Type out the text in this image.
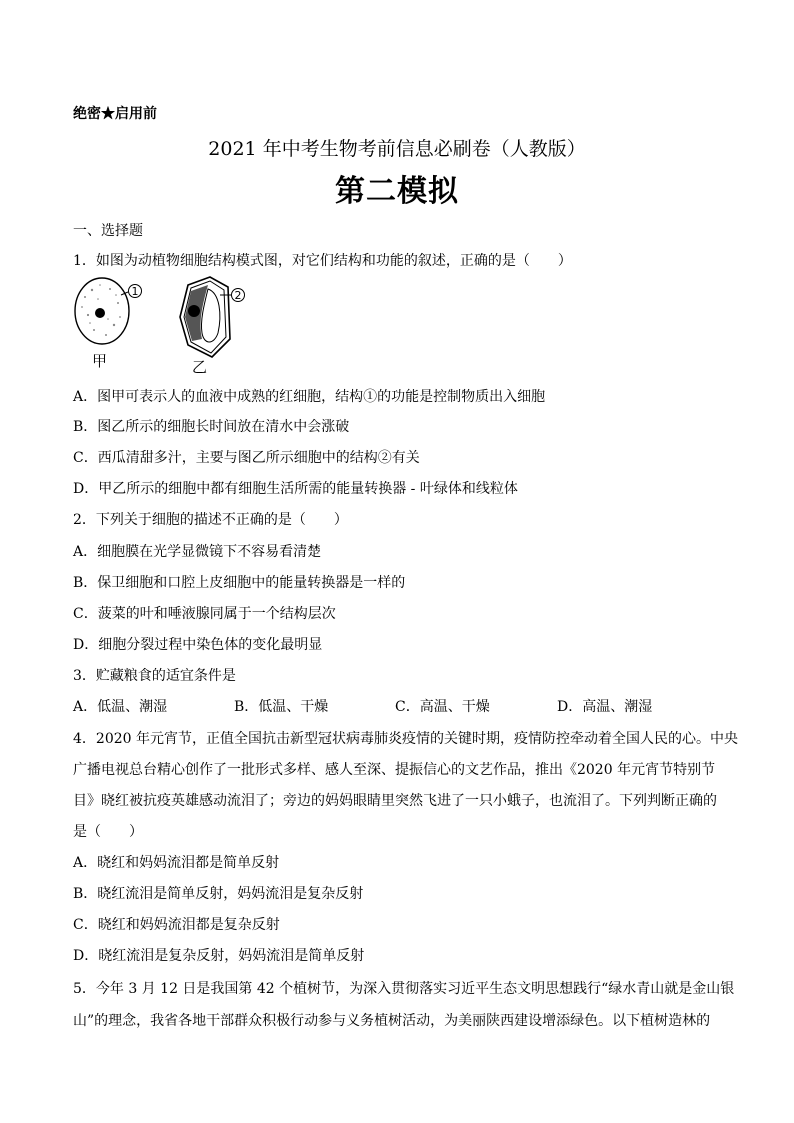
绝密★启用前
2021 年中考生物考前信息必刷卷（人教版）
第二模拟
一、选择题
1．如图为动植物细胞结构模式图，对它们结构和功能的叙述，正确的是（　　）
1	2
甲	乙
A．图甲可表示人的血液中成熟的红细胞，结构①的功能是控制物质出入细胞
B．图乙所示的细胞长时间放在清水中会涨破
C．西瓜清甜多汁，主要与图乙所示细胞中的结构②有关
D．甲乙所示的细胞中都有细胞生活所需的能量转换器 - 叶绿体和线粒体
2．下列关于细胞的描述不正确的是（　　）
A．细胞膜在光学显微镜下不容易看清楚
B．保卫细胞和口腔上皮细胞中的能量转换器是一样的
C．菠菜的叶和唾液腺同属于一个结构层次
D．细胞分裂过程中染色体的变化最明显
3．贮藏粮食的适宜条件是
A．低温、潮湿	B．低温、干燥	C．高温、干燥	D．高温、潮湿
4．2020 年元宵节，正值全国抗击新型冠状病毒肺炎疫情的关键时期，疫情防控牵动着全国人民的心。中央
广播电视总台精心创作了一批形式多样、感人至深、提振信心的文艺作品，推出《2020 年元宵节特别节
目》晓红被抗疫英雄感动流泪了；旁边的妈妈眼睛里突然飞进了一只小蛾子，也流泪了。下列判断正确的
是（　　）
A．晓红和妈妈流泪都是简单反射
B．晓红流泪是简单反射，妈妈流泪是复杂反射
C．晓红和妈妈流泪都是复杂反射
D．晓红流泪是复杂反射，妈妈流泪是简单反射
5．今年 3 月 12 日是我国第 42 个植树节，为深入贯彻落实习近平生态文明思想践行“绿水青山就是金山银
山”的理念，我省各地干部群众积极行动参与义务植树活动，为美丽陕西建设增添绿色。以下植树造林的
